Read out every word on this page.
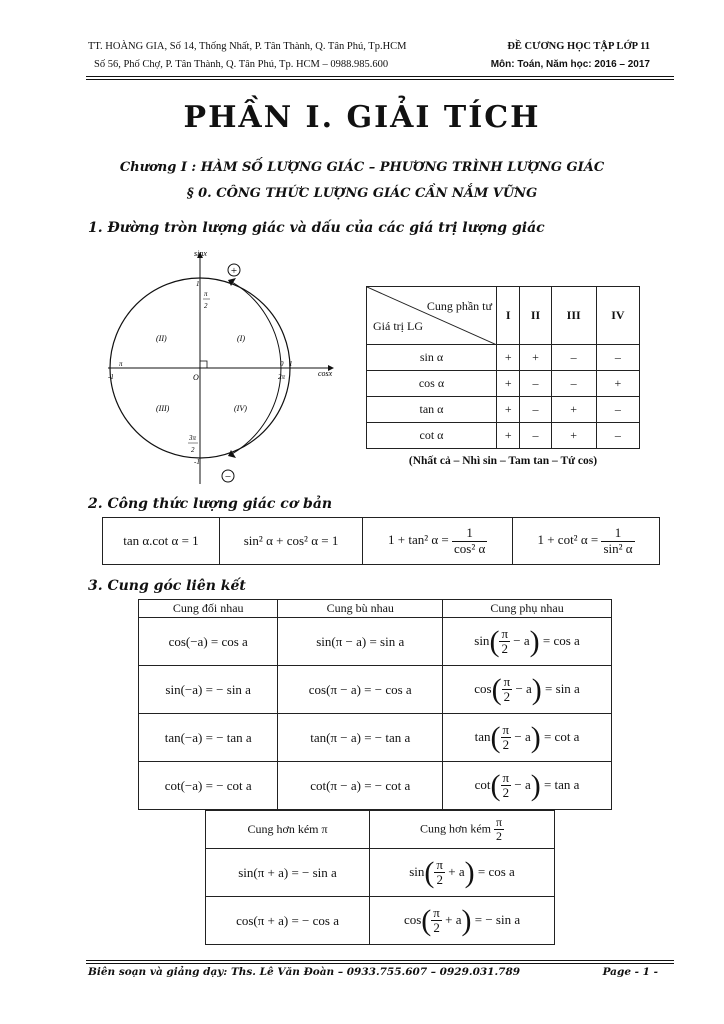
TT. HOÀNG GIA, Số 14, Thống Nhất, P. Tân Thành, Q. Tân Phú, Tp.HCM
Số 56, Phố Chợ, P. Tân Thành, Q. Tân Phú, Tp. HCM – 0988.985.600
ĐỀ CƯƠNG HỌC TẬP LỚP 11
Môn: Toán, Năm học: 2016 – 2017
PHẦN I. GIẢI TÍCH
Chương I : HÀM SỐ LƯỢNG GIÁC – PHƯƠNG TRÌNH LƯỢNG GIÁC
§ 0. CÔNG THỨC LƯỢNG GIÁC CẦN NẮM VỮNG
1. Đường tròn lượng giác và dấu của các giá trị lượng giác
+
−
sinx
cosx
1
π
2
-1
π
O
0 1
2π
3π
2
-1
(I)
(II)
(III)	(IV)
Cung phần tư
Giá trị LG	I	II	III	IV
sin α	+	+	–	–
cos α	+	–	–	+
tan α	+	–	+	–
cot α	+	–	+	–
(Nhất cả – Nhì sin – Tam tan – Tứ cos)
2. Công thức lượng giác cơ bản
tan α.cot α = 1	sin² α + cos² α = 1	1 + tan² $\alpha = \frac{1}{\text{cos² α}}$	1 + cot² $\alpha = \frac{1}{\text{sin² α}}$
3. Cung góc liên kết
Cung đối nhau	Cung bù nhau	Cung phụ nhau
cos(−a) = cos a	sin(π − a) = sin a	$\sin( \frac{\pi}{2} - a) = \cos a$
sin(−a) = − sin a	cos(π − a) = − cos a	$\cos( \frac{\pi}{2} - a) = \sin a$
tan(−a) = − tan a	tan(π − a) = − tan a	$\tan( \frac{\pi}{2} - a) = \cot a$
cot(−a) = − cot a	cot(π − a) = − cot a	$\cot( \frac{\pi}{2} - a) = \tan a$
Cung hơn kém π	Cung hơn kém $\frac{\pi}{2}$

sin(π + a) = − sin a	$\sin( \frac{\pi}{2} + a) = \cos a$
cos(π + a) = − cos a	$\cos( \frac{\pi}{2} + a)$ = − sin a
Biên soạn và giảng dạy: Ths. Lê Văn Đoàn – 0933.755.607 – 0929.031.789	Page - 1 -
